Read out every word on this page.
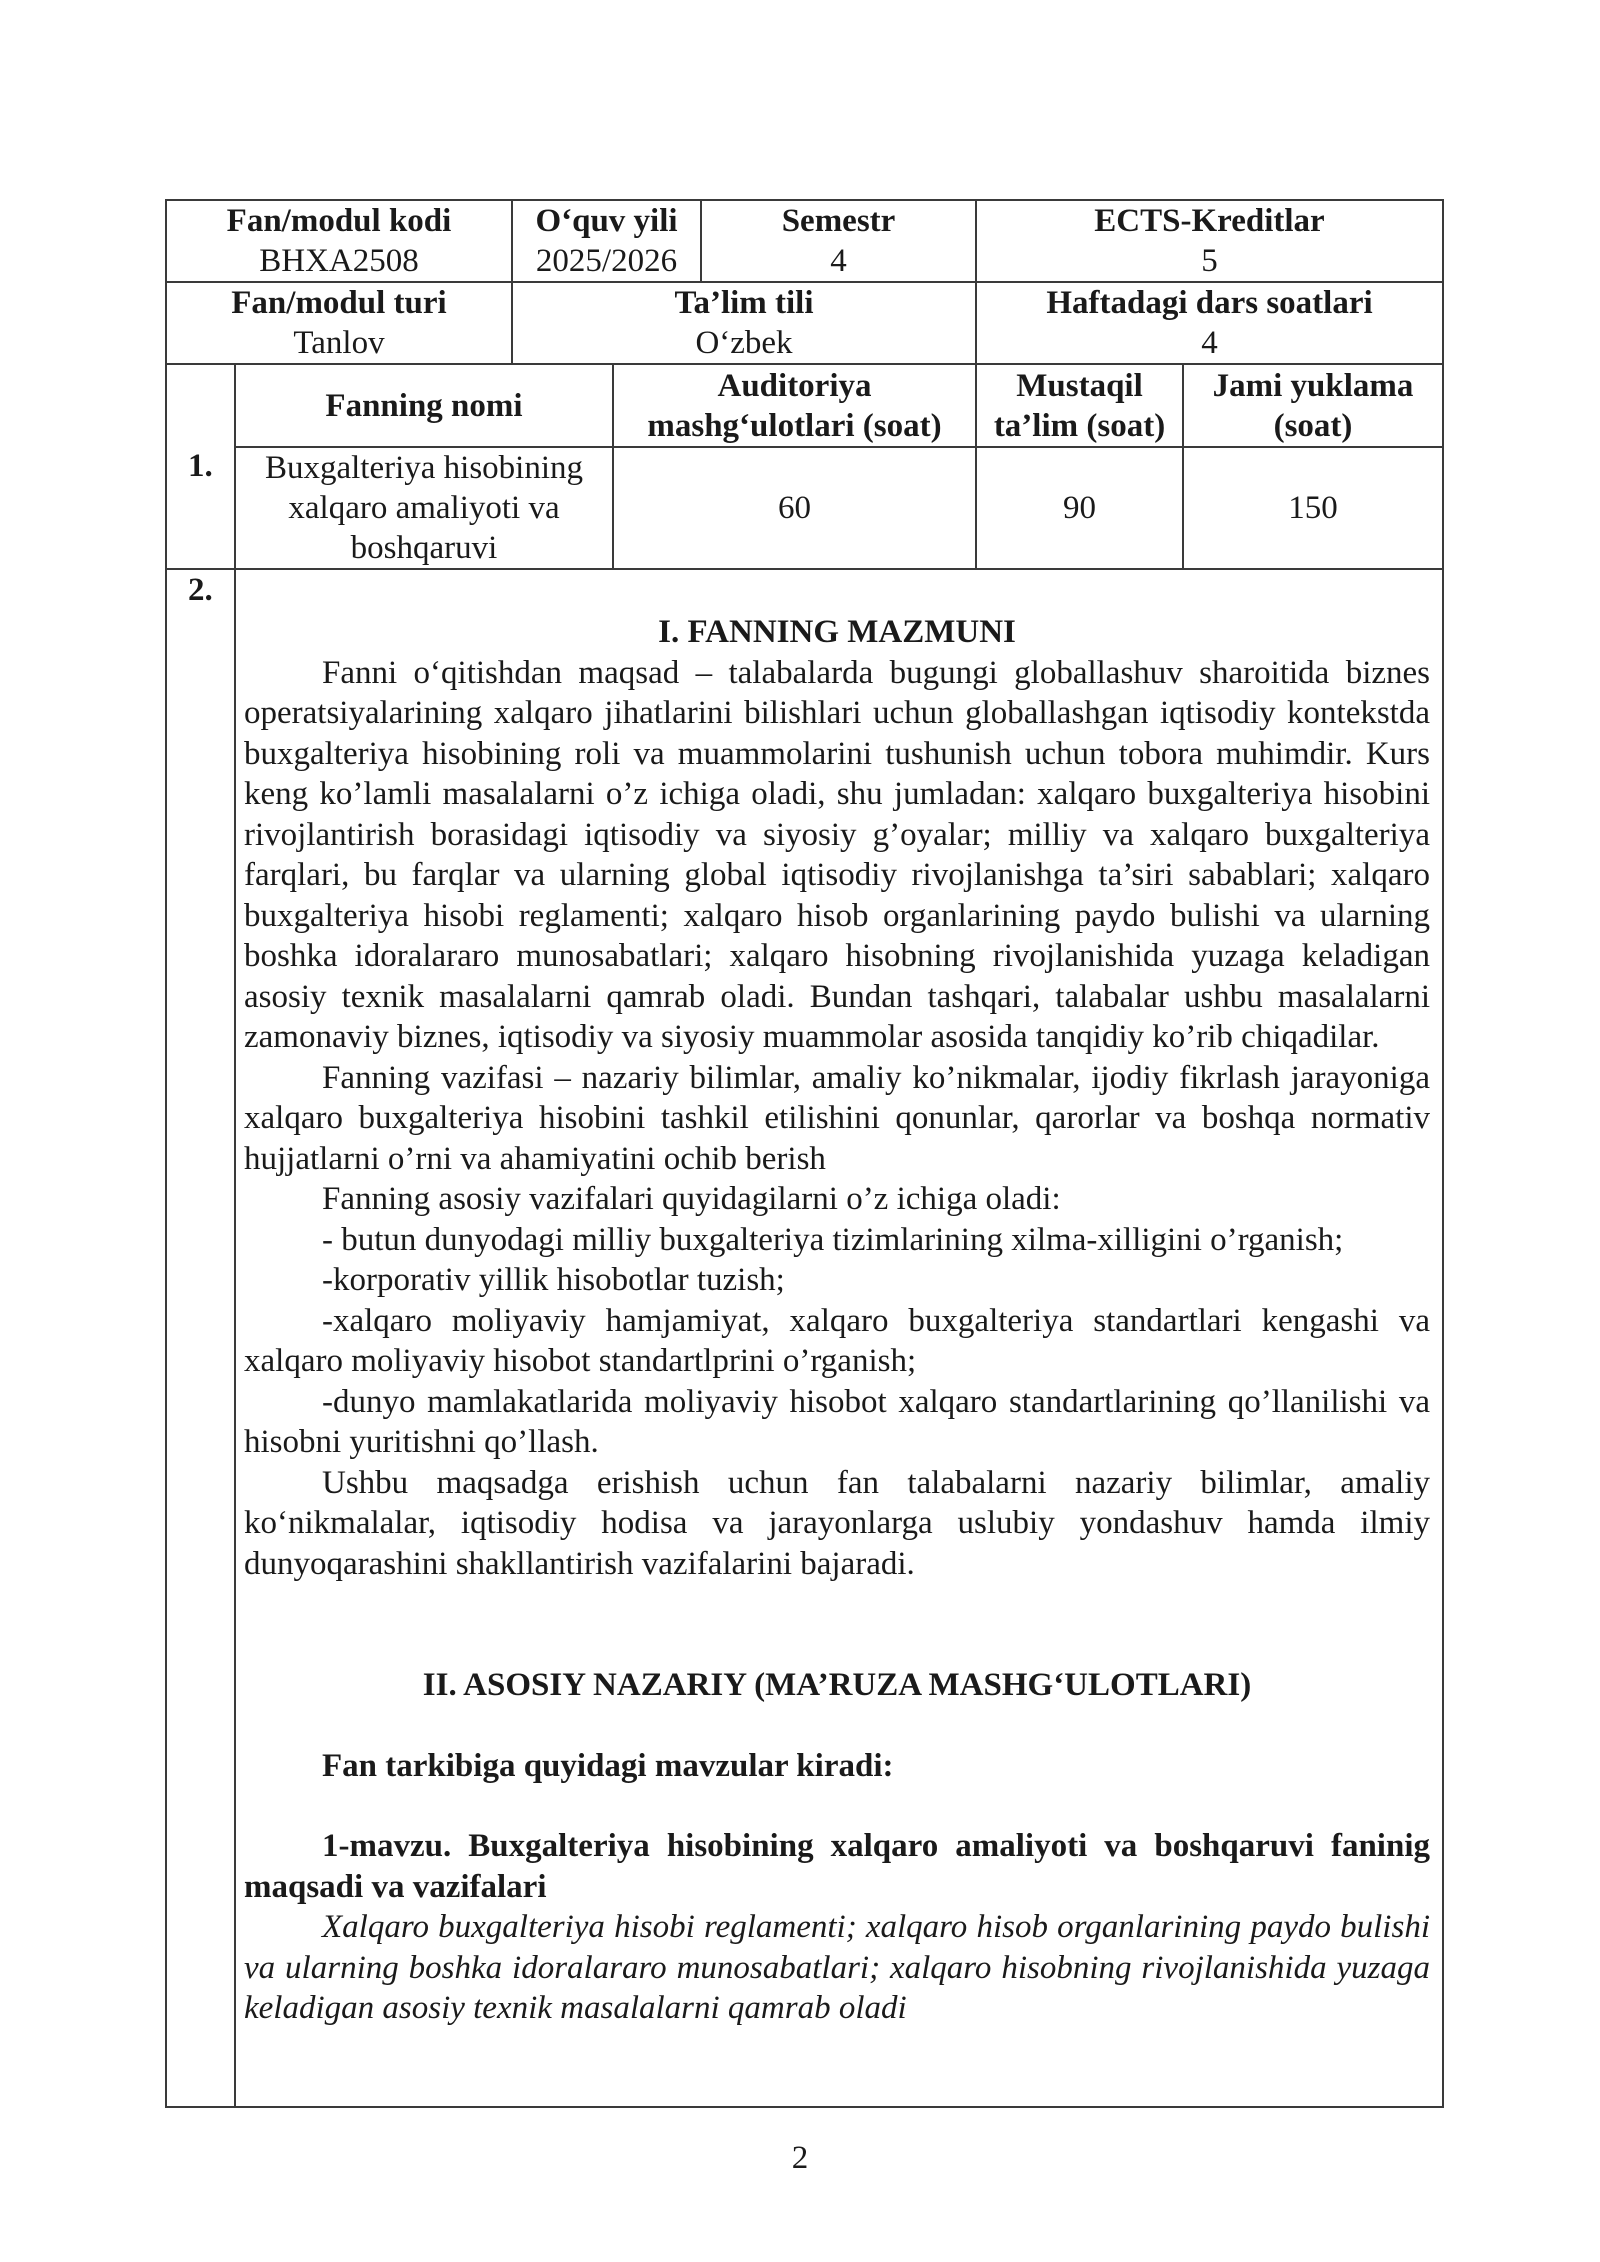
Fan/modul kodi
BHXA2508
O‘quv yili
2025/2026
Semestr
4
ECTS-Kreditlar
5
Fan/modul turi
Tanlov
Ta’lim tili
O‘zbek
Haftadagi dars soatlari
4
1.
Fanning nomi
Auditoriya
mashg‘ulotlari (soat)
Mustaqil
ta’lim (soat)
Jami yuklama
(soat)
Buxgalteriya hisobining
xalqaro amaliyoti va
boshqaruvi
60	90	150
2.

I. FANNING MAZMUNI

Fanni o‘qitishdan maqsad – talabalarda bugungi globallashuv sharoitida biznes operatsiyalarining xalqaro jihatlarini bilishlari uchun globallashgan iqtisodiy kontekstda buxgalteriya hisobining roli va muammolarini tushunish uchun tobora muhimdir. Kurs keng ko’lamli masalalarni o’z ichiga oladi, shu jumladan: xalqaro buxgalteriya hisobini rivojlantirish borasidagi iqtisodiy va siyosiy g’oyalar; milliy va xalqaro buxgalteriya farqlari, bu farqlar va ularning global iqtisodiy rivojlanishga ta’siri sabablari; xalqaro buxgalteriya hisobi reglamenti; xalqaro hisob organlarining paydo bulishi va ularning boshka idoralararo munosabatlari; xalqaro hisobning rivojlanishida yuzaga keladigan asosiy texnik masalalarni qamrab oladi. Bundan tashqari, talabalar ushbu masalalarni zamonaviy biznes, iqtisodiy va siyosiy muammolar asosida tanqidiy ko’rib chiqadilar.

Fanning vazifasi – nazariy bilimlar, amaliy ko’nikmalar, ijodiy fikrlash jarayoniga xalqaro buxgalteriya hisobini tashkil etilishini qonunlar, qarorlar va boshqa normativ hujjatlarni o’rni va ahamiyatini ochib berish

Fanning asosiy vazifalari quyidagilarni o’z ichiga oladi:

- butun dunyodagi milliy buxgalteriya tizimlarining xilma-xilligini o’rganish;

-korporativ yillik hisobotlar tuzish;

-xalqaro moliyaviy hamjamiyat, xalqaro buxgalteriya standartlari kengashi va xalqaro moliyaviy hisobot standartlprini o’rganish;

-dunyo mamlakatlarida moliyaviy hisobot xalqaro standartlarining qo’llanilishi va hisobni yuritishni qo’llash.

Ushbu maqsadga erishish uchun fan talabalarni nazariy bilimlar, amaliy ko‘nikmalalar, iqtisodiy hodisa va jarayonlarga uslubiy yondashuv hamda ilmiy dunyoqarashini shakllantirish vazifalarini bajaradi.

II. ASOSIY NAZARIY (MA’RUZA MASHG‘ULOTLARI)

Fan tarkibiga quyidagi mavzular kiradi:

1-mavzu. Buxgalteriya hisobining xalqaro amaliyoti va boshqaruvi faninig maqsadi va vazifalari

Xalqaro buxgalteriya hisobi reglamenti; xalqaro hisob organlarining paydo bulishi va ularning boshka idoralararo munosabatlari; xalqaro hisobning rivojlanishida yuzaga keladigan asosiy texnik masalalarni qamrab oladi

2
